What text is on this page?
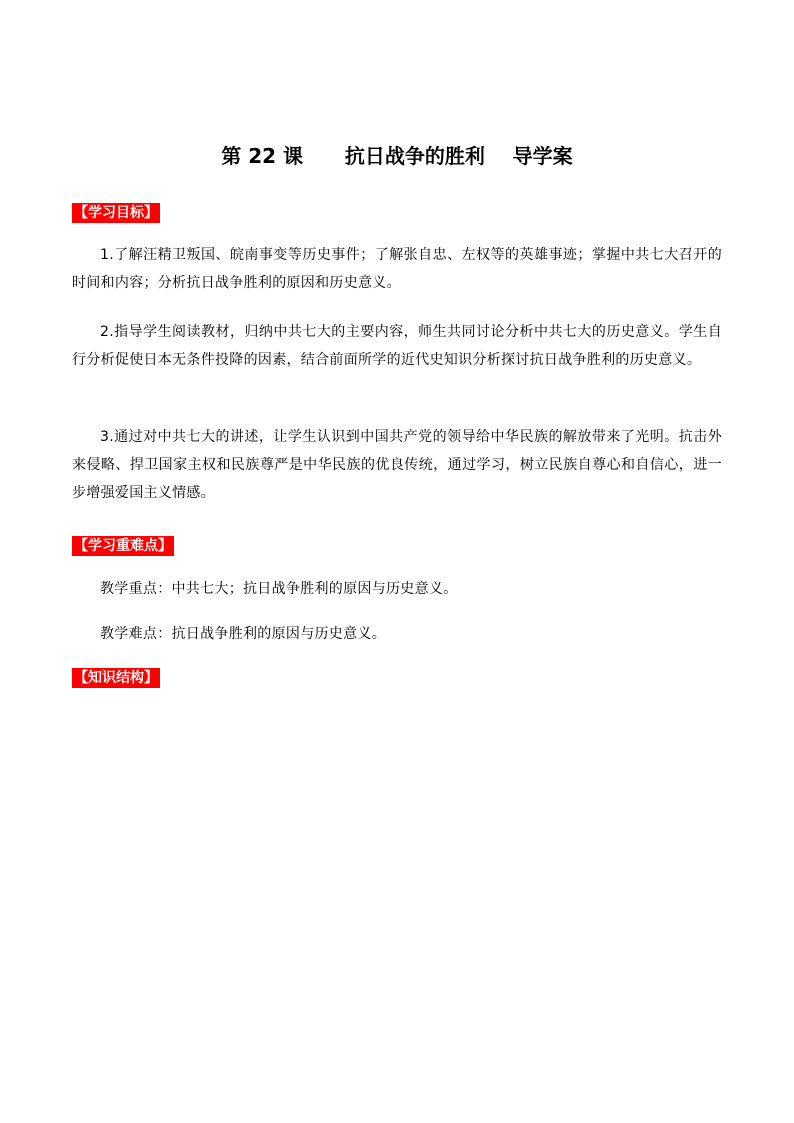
第 22 课      抗日战争的胜利    导学案
【学习目标】

1.了解汪精卫叛国、皖南事变等历史事件；了解张自忠、左权等的英雄事迹；掌握中共七大召开的时间和内容；分析抗日战争胜利的原因和历史意义。

2.指导学生阅读教材，归纳中共七大的主要内容，师生共同讨论分析中共七大的历史意义。学生自行分析促使日本无条件投降的因素，结合前面所学的近代史知识分析探讨抗日战争胜利的历史意义。

3.通过对中共七大的讲述，让学生认识到中国共产党的领导给中华民族的解放带来了光明。抗击外来侵略、捍卫国家主权和民族尊严是中华民族的优良传统，通过学习，树立民族自尊心和自信心，进一步增强爱国主义情感。

【学习重难点】

教学重点：中共七大；抗日战争胜利的原因与历史意义。

教学难点：抗日战争胜利的原因与历史意义。

【知识结构】
